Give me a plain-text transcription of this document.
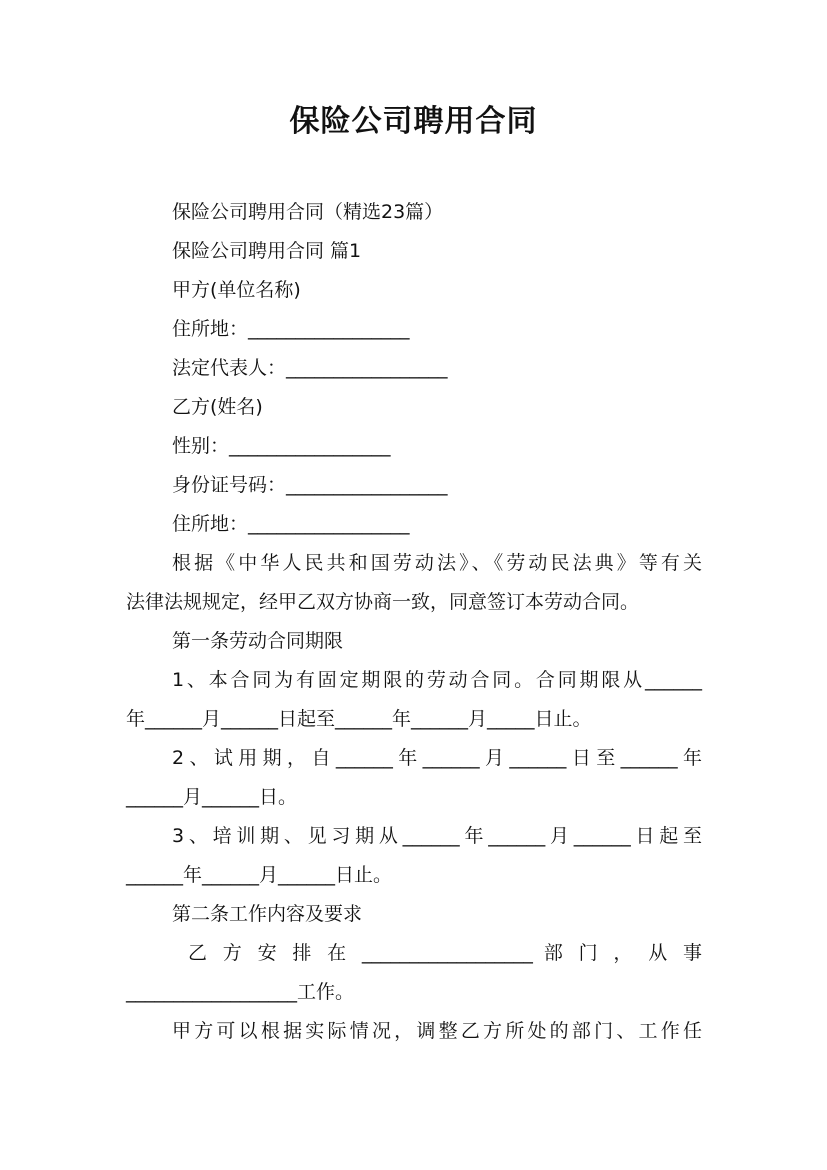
保险公司聘用合同
保险公司聘用合同（精选23篇）
保险公司聘用合同 篇1
甲方(单位名称)
住所地：_________________
法定代表人：_________________
乙方(姓名)
性别：_________________
身份证号码：_________________
住所地：_________________
根据《中华人民共和国劳动法》、《劳动民法典》等有关
法律法规规定，经甲乙双方协商一致，同意签订本劳动合同。
第一条劳动合同期限
1、本合同为有固定期限的劳动合同。合同期限从______
年______月______日起至______年______月_____日止。
2、试用期，自______年______月______日至______年
______月______日。
3、培训期、见习期从______年______月______日起至
______年______月______日止。
第二条工作内容及要求
乙 方 安 排 在 __________________ 部 门 ， 从 事
__________________工作。
甲方可以根据实际情况，调整乙方所处的部门、工作任
